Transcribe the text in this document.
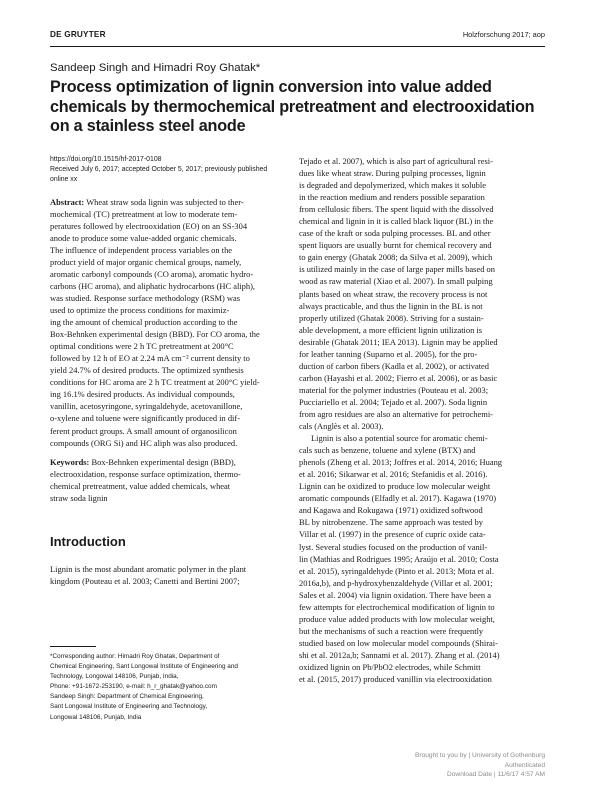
DE GRUYTER	Holzforschung 2017; aop
Sandeep Singh and Himadri Roy Ghatak*
Process optimization of lignin conversion into value added chemicals by thermochemical pretreatment and electrooxidation on a stainless steel anode
https://doi.org/10.1515/hf-2017-0108
Received July 6, 2017; accepted October 5, 2017; previously published
online xx
Abstract: Wheat straw soda lignin was subjected to ther-
mochemical (TC) pretreatment at low to moderate tem-
peratures followed by electrooxidation (EO) on an SS-304
anode to produce some value-added organic chemicals.
The influence of independent process variables on the
product yield of major organic chemical groups, namely,
aromatic carbonyl compounds (CO aroma), aromatic hydro-
carbons (HC aroma), and aliphatic hydrocarbons (HC aliph),
was studied. Response surface methodology (RSM) was
used to optimize the process conditions for maximiz-
ing the amount of chemical production according to the
Box-Behnken experimental design (BBD). For CO aroma, the
optimal conditions were 2 h TC pretreatment at 200°C
followed by 12 h of EO at 2.24 mA cm⁻² current density to
yield 24.7% of desired products. The optimized synthesis
conditions for HC aroma are 2 h TC treatment at 200°C yield-
ing 16.1% desired products. As individual compounds,
vanillin, acetosyringone, syringaldehyde, acetovanillone,
o-xylene and toluene were significantly produced in dif-
ferent product groups. A small amount of organosilicon
compounds (ORG Si) and HC aliph was also produced.
Keywords: Box-Behnken experimental design (BBD),
electrooxidation, response surface optimization, thermo-
chemical pretreatment, value added chemicals, wheat
straw soda lignin
Introduction
Lignin is the most abundant aromatic polymer in the plant
kingdom (Pouteau et al. 2003; Canetti and Bertini 2007;
*Corresponding author: Himadri Roy Ghatak, Department of
Chemical Engineering, Sant Longowal Institute of Engineering and
Technology, Longowal 148106, Punjab, India,
Phone: +91-1672-253190, e-mail: h_r_ghatak@yahoo.com
Sandeep Singh: Department of Chemical Engineering,
Sant Longowal Institute of Engineering and Technology,
Longowal 148106, Punjab, India
Tejado et al. 2007), which is also part of agricultural resi-
dues like wheat straw. During pulping processes, lignin
is degraded and depolymerized, which makes it soluble
in the reaction medium and renders possible separation
from cellulosic fibers. The spent liquid with the dissolved
chemical and lignin in it is called black liquor (BL) in the
case of the kraft or soda pulping processes. BL and other
spent liquors are usually burnt for chemical recovery and
to gain energy (Ghatak 2008; da Silva et al. 2009), which
is utilized mainly in the case of large paper mills based on
wood as raw material (Xiao et al. 2007). In small pulping
plants based on wheat straw, the recovery process is not
always practicable, and thus the lignin in the BL is not
properly utilized (Ghatak 2008). Striving for a sustain-
able development, a more efficient lignin utilization is
desirable (Ghatak 2011; IEA 2013). Lignin may be applied
for leather tanning (Suparno et al. 2005), for the pro-
duction of carbon fibers (Kadla et al. 2002), or activated
carbon (Hayashi et al. 2002; Fierro et al. 2006), or as basic
material for the polymer industries (Pouteau et al. 2003;
Pucciariello et al. 2004; Tejado et al. 2007). Soda lignin
from agro residues are also an alternative for petrochemi-
cals (Anglès et al. 2003).
Lignin is also a potential source for aromatic chemi-
cals such as benzene, toluene and xylene (BTX) and
phenols (Zheng et al. 2013; Joffres et al. 2014, 2016; Huang
et al. 2016; Sikarwar et al. 2016; Stefanidis et al. 2016).
Lignin can be oxidized to produce low molecular weight
aromatic compounds (Elfadly et al. 2017). Kagawa (1970)
and Kagawa and Rokugawa (1971) oxidized softwood
BL by nitrobenzene. The same approach was tested by
Villar et al. (1997) in the presence of cupric oxide cata-
lyst. Several studies focused on the production of vanil-
lin (Mathias and Rodrigues 1995; Araújo et al. 2010; Costa
et al. 2015), syringaldehyde (Pinto et al. 2013; Mota et al.
2016a,b), and p-hydroxybenzaldehyde (Villar et al. 2001;
Sales et al. 2004) via lignin oxidation. There have been a
few attempts for electrochemical modification of lignin to
produce value added products with low molecular weight,
but the mechanisms of such a reaction were frequently
studied based on low molecular model compounds (Shirai-
shi et al. 2012a,b; Sannami et al. 2017). Zhang et al. (2014)
oxidized lignin on Pb/PbO2 electrodes, while Schmitt
et al. (2015, 2017) produced vanillin via electrooxidation
Brought to you by | University of Gothenburg
Authenticated
Download Date | 11/6/17 4:57 AM
